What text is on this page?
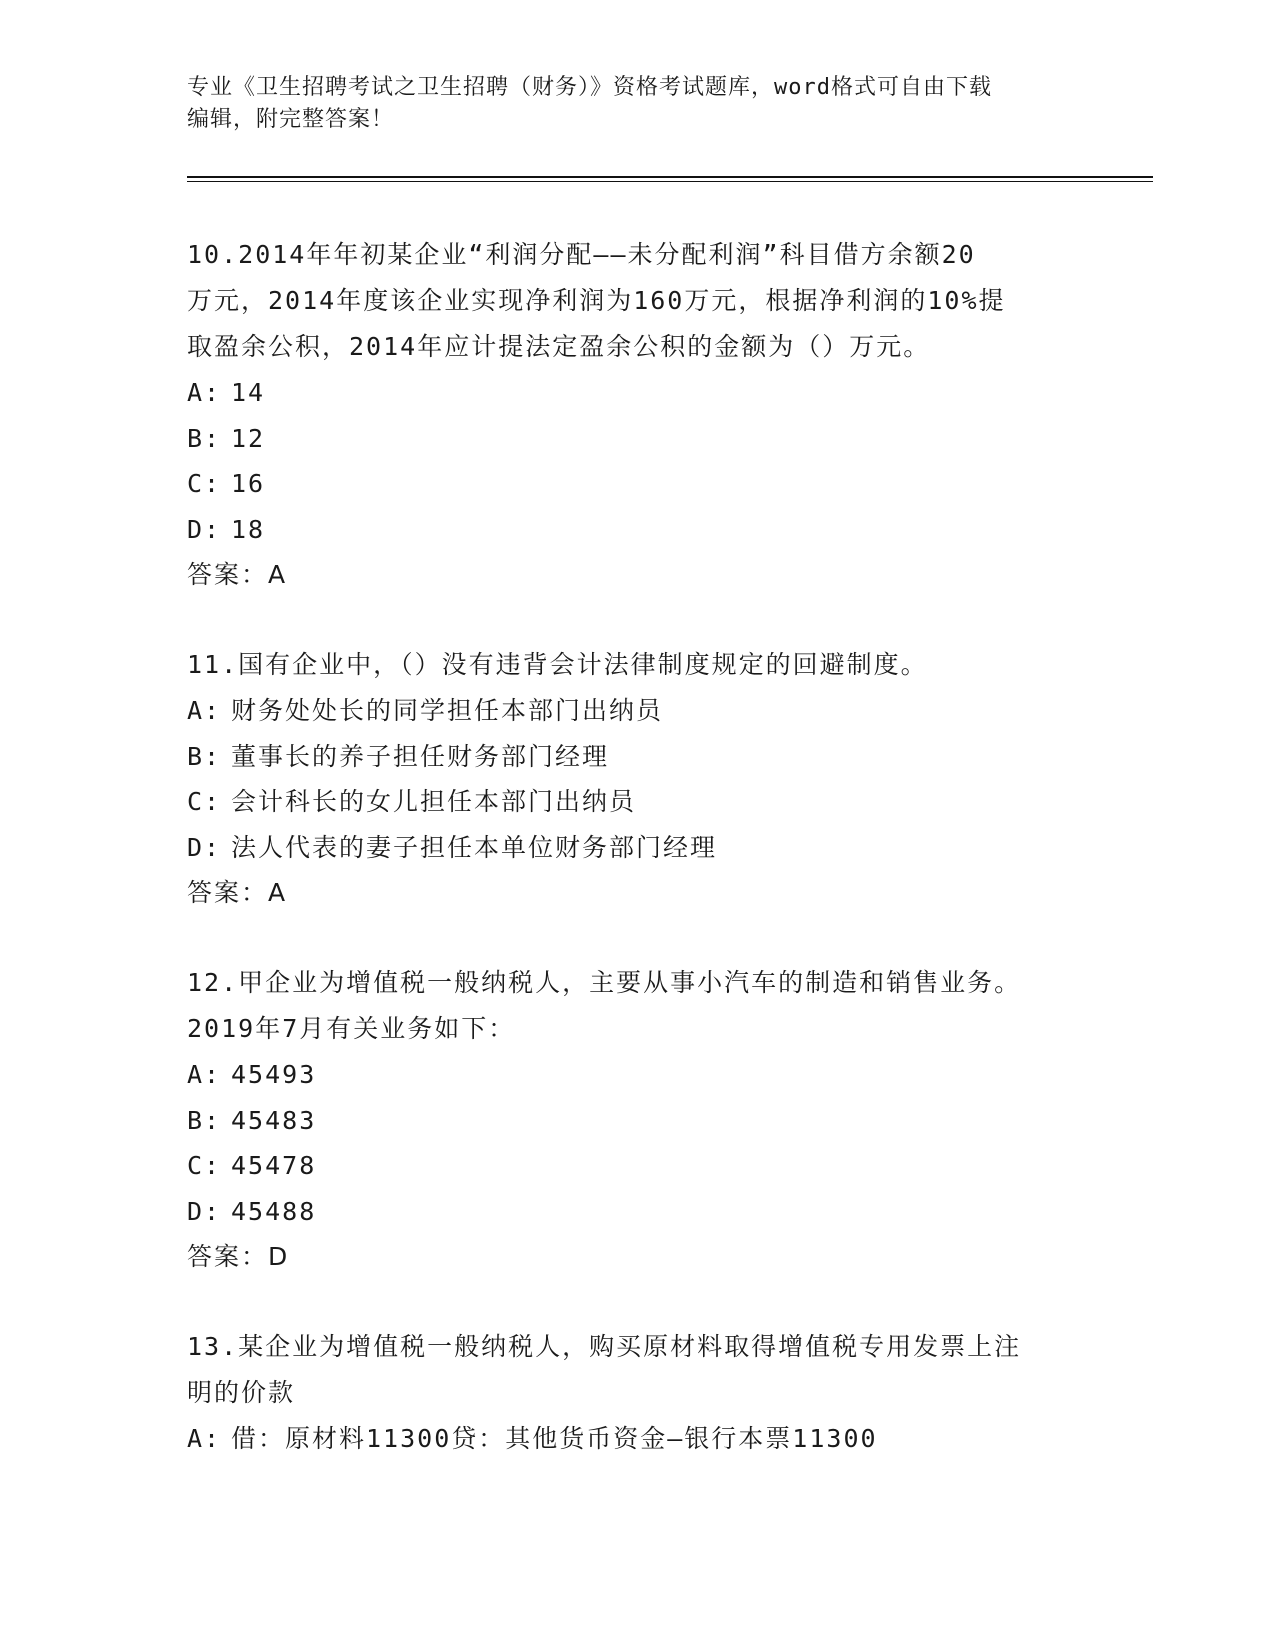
专业《卫生招聘考试之卫生招聘（财务）》资格考试题库，word格式可自由下载
编辑，附完整答案！

10.2014年年初某企业“利润分配——未分配利润”科目借方余额20

万元，2014年度该企业实现净利润为160万元，根据净利润的10%提

取盈余公积，2014年应计提法定盈余公积的金额为（）万元。

A: 14
B: 12
C: 16
D: 18

答案：A

11.国有企业中，（）没有违背会计法律制度规定的回避制度。

A: 财务处处长的同学担任本部门出纳员
B: 董事长的养子担任财务部门经理
C: 会计科长的女儿担任本部门出纳员
D: 法人代表的妻子担任本单位财务部门经理

答案：A

12.甲企业为增值税一般纳税人，主要从事小汽车的制造和销售业务。

2019年7月有关业务如下：

A: 45493
B: 45483
C: 45478
D: 45488

答案：D

13.某企业为增值税一般纳税人，购买原材料取得增值税专用发票上注

明的价款

A: 借：原材料11300贷：其他货币资金—银行本票11300
